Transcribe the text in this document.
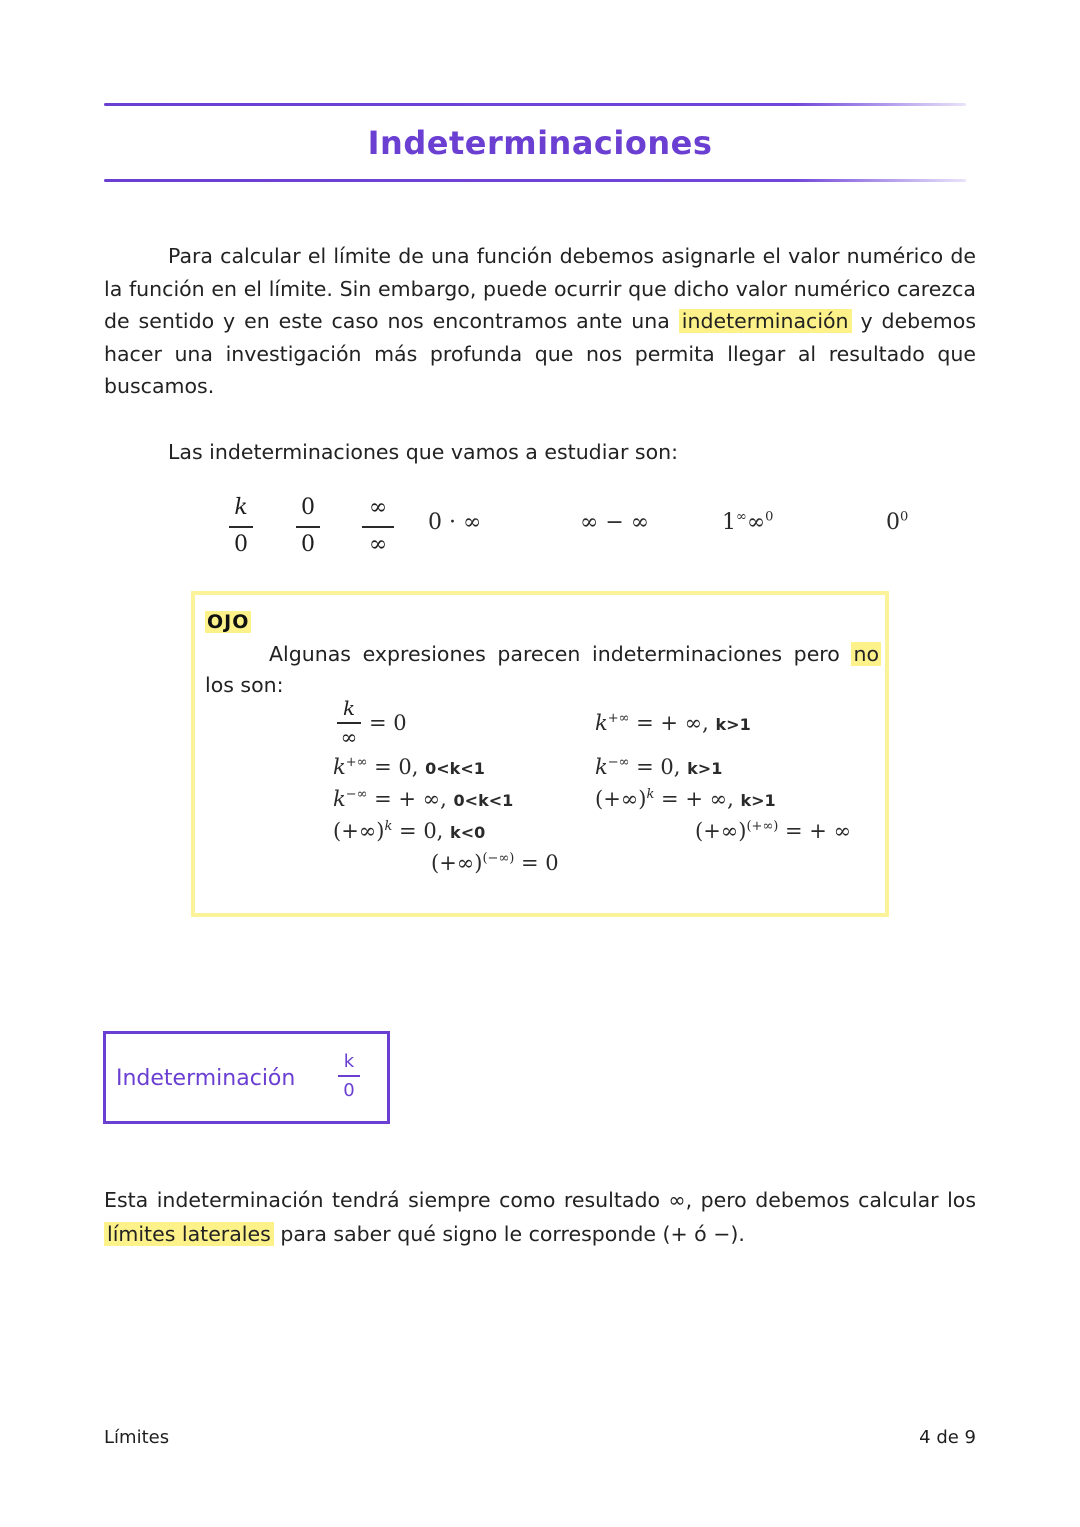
Indeterminaciones

Para calcular el límite de una función debemos asignarle el valor numérico de la función en el límite. Sin embargo, puede ocurrir que dicho valor numérico carezca de sentido y en este caso nos encontramos ante una indeterminación y debemos hacer una investigación más profunda que nos permita llegar al resultado que buscamos.

Las indeterminaciones que vamos a estudiar son:

k
0
0
0
∞
∞
0 · ∞	∞ − ∞	1∞∞$^0$	$0^0$
OJO

Algunas expresiones parecen indeterminaciones pero no los son:

k
∞
= 0	k+∞ = + ∞, k>1
k+∞ = 0, 0<k<1	k−∞ = 0, k>1
k−∞ = + ∞, 0<k<1	(+∞)$^k$ = + ∞, k>1
(+∞)$^k$ = 0, k<0	(+∞)(+∞) = + ∞
(+∞)(−∞) = 0
Indeterminación
k
0

Esta indeterminación tendrá siempre como resultado ∞, pero debemos calcular los límites laterales para saber qué signo le corresponde (+ ó −).

Límites	4 de 9
